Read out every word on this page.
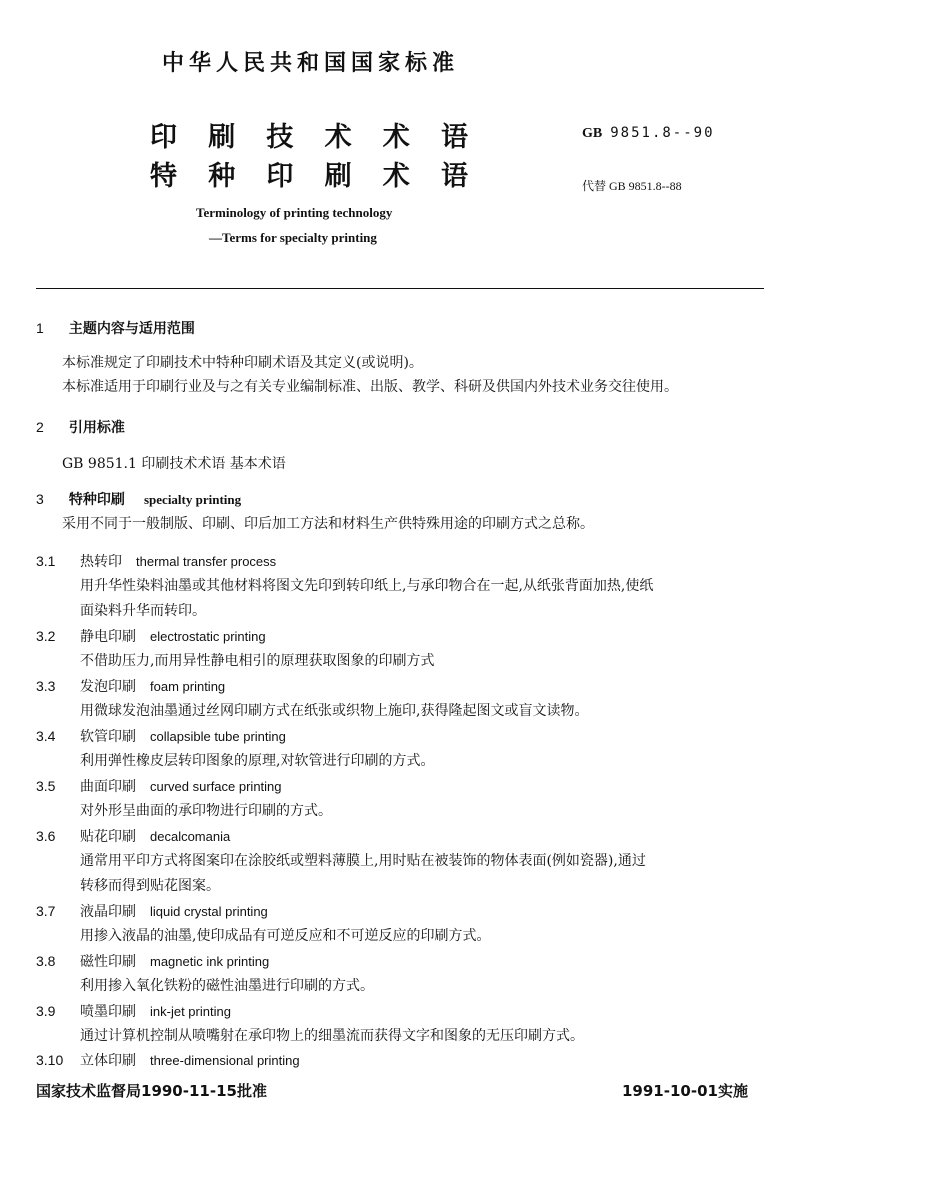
中华人民共和国国家标准
印 刷 技 术 术 语
特 种 印 刷 术 语
GB 9851.8--90
代替 GB 9851.8--88
Terminology of printing technology
—Terms for specialty printing
1 主题内容与适用范围
本标准规定了印刷技术中特种印刷术语及其定义(或说明)。
本标准适用于印刷行业及与之有关专业编制标准、出版、教学、科研及供国内外技术业务交往使用。
2 引用标准
GB 9851.1 印刷技术术语 基本术语
3 特种印刷 specialty printing
采用不同于一般制版、印刷、印后加工方法和材料生产供特殊用途的印刷方式之总称。
3.1 热转印 thermal transfer process
用升华性染料油墨或其他材料将图文先印到转印纸上,与承印物合在一起,从纸张背面加热,使纸
面染料升华而转印。
3.2 静电印刷 electrostatic printing
不借助压力,而用异性静电相引的原理获取图象的印刷方式
3.3 发泡印刷 foam printing
用微球发泡油墨通过丝网印刷方式在纸张或织物上施印,获得隆起图文或盲文读物。
3.4 软管印刷 collapsible tube printing
利用弹性橡皮层转印图象的原理,对软管进行印刷的方式。
3.5 曲面印刷 curved surface printing
对外形呈曲面的承印物进行印刷的方式。
3.6 贴花印刷 decalcomania
通常用平印方式将图案印在涂胶纸或塑料薄膜上,用时贴在被装饰的物体表面(例如瓷器),通过
转移而得到贴花图案。
3.7 液晶印刷 liquid crystal printing
用掺入液晶的油墨,使印成品有可逆反应和不可逆反应的印刷方式。
3.8 磁性印刷 magnetic ink printing
利用掺入氧化铁粉的磁性油墨进行印刷的方式。
3.9 喷墨印刷 ink-jet printing
通过计算机控制从喷嘴射在承印物上的细墨流而获得文字和图象的无压印刷方式。
3.10 立体印刷 three-dimensional printing
国家技术监督局1990-11-15批准	1991-10-01实施
